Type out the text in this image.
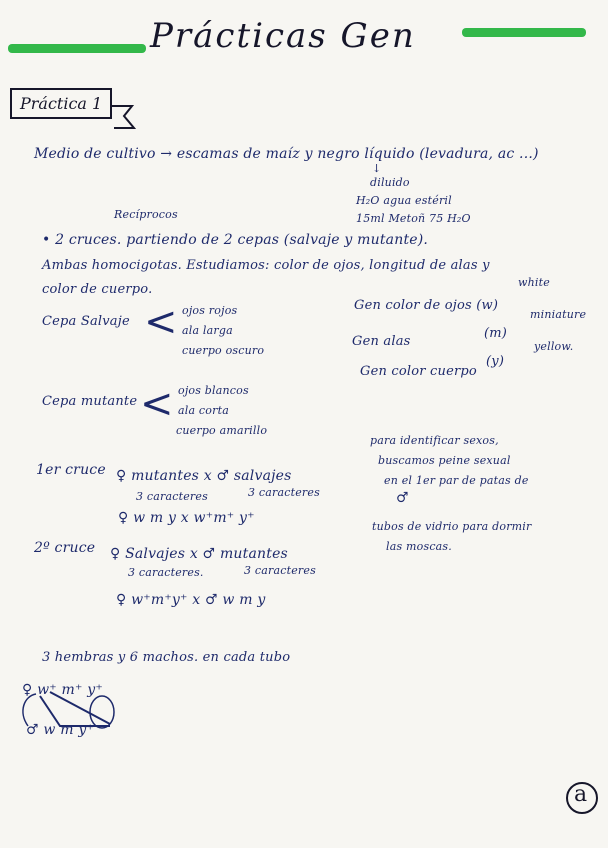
Prácticas Gen
Práctica 1
Medio de cultivo → escamas de maíz y negro líquido (levadura, ac ...)
↓
diluido
H₂O agua estéril
15ml Metoñ 75 H₂O
Recíprocos
• 2 cruces. partiendo de 2 cepas (salvaje y mutante).
Ambas homocigotas. Estudiamos: color de ojos, longitud de alas y
color de cuerpo.
Cepa Salvaje < ojos rojos
ala larga
cuerpo oscuro
white
Gen color de ojos (w)
miniature
Gen alas
(m)
yellow.
Gen color cuerpo
(y)
Cepa mutante < ojos blancos
ala corta
cuerpo amarillo
para identificar sexos,
buscamos peine sexual
en el 1er par de patas de
♂
1er cruce ♀ mutantes x ♂ salvajes
3 caracteres	3 caracteres
♀ w m y x w⁺m⁺ y⁺
tubos de vidrio para dormir
las moscas.
2º cruce ♀ Salvajes x ♂ mutantes
3 caracteres.	3 caracteres
♀ w⁺m⁺y⁺ x ♂ w m y
3 hembras y 6 machos. en cada tubo
♀ w⁺ m⁺ y⁺
♂ w m y⁺
a
